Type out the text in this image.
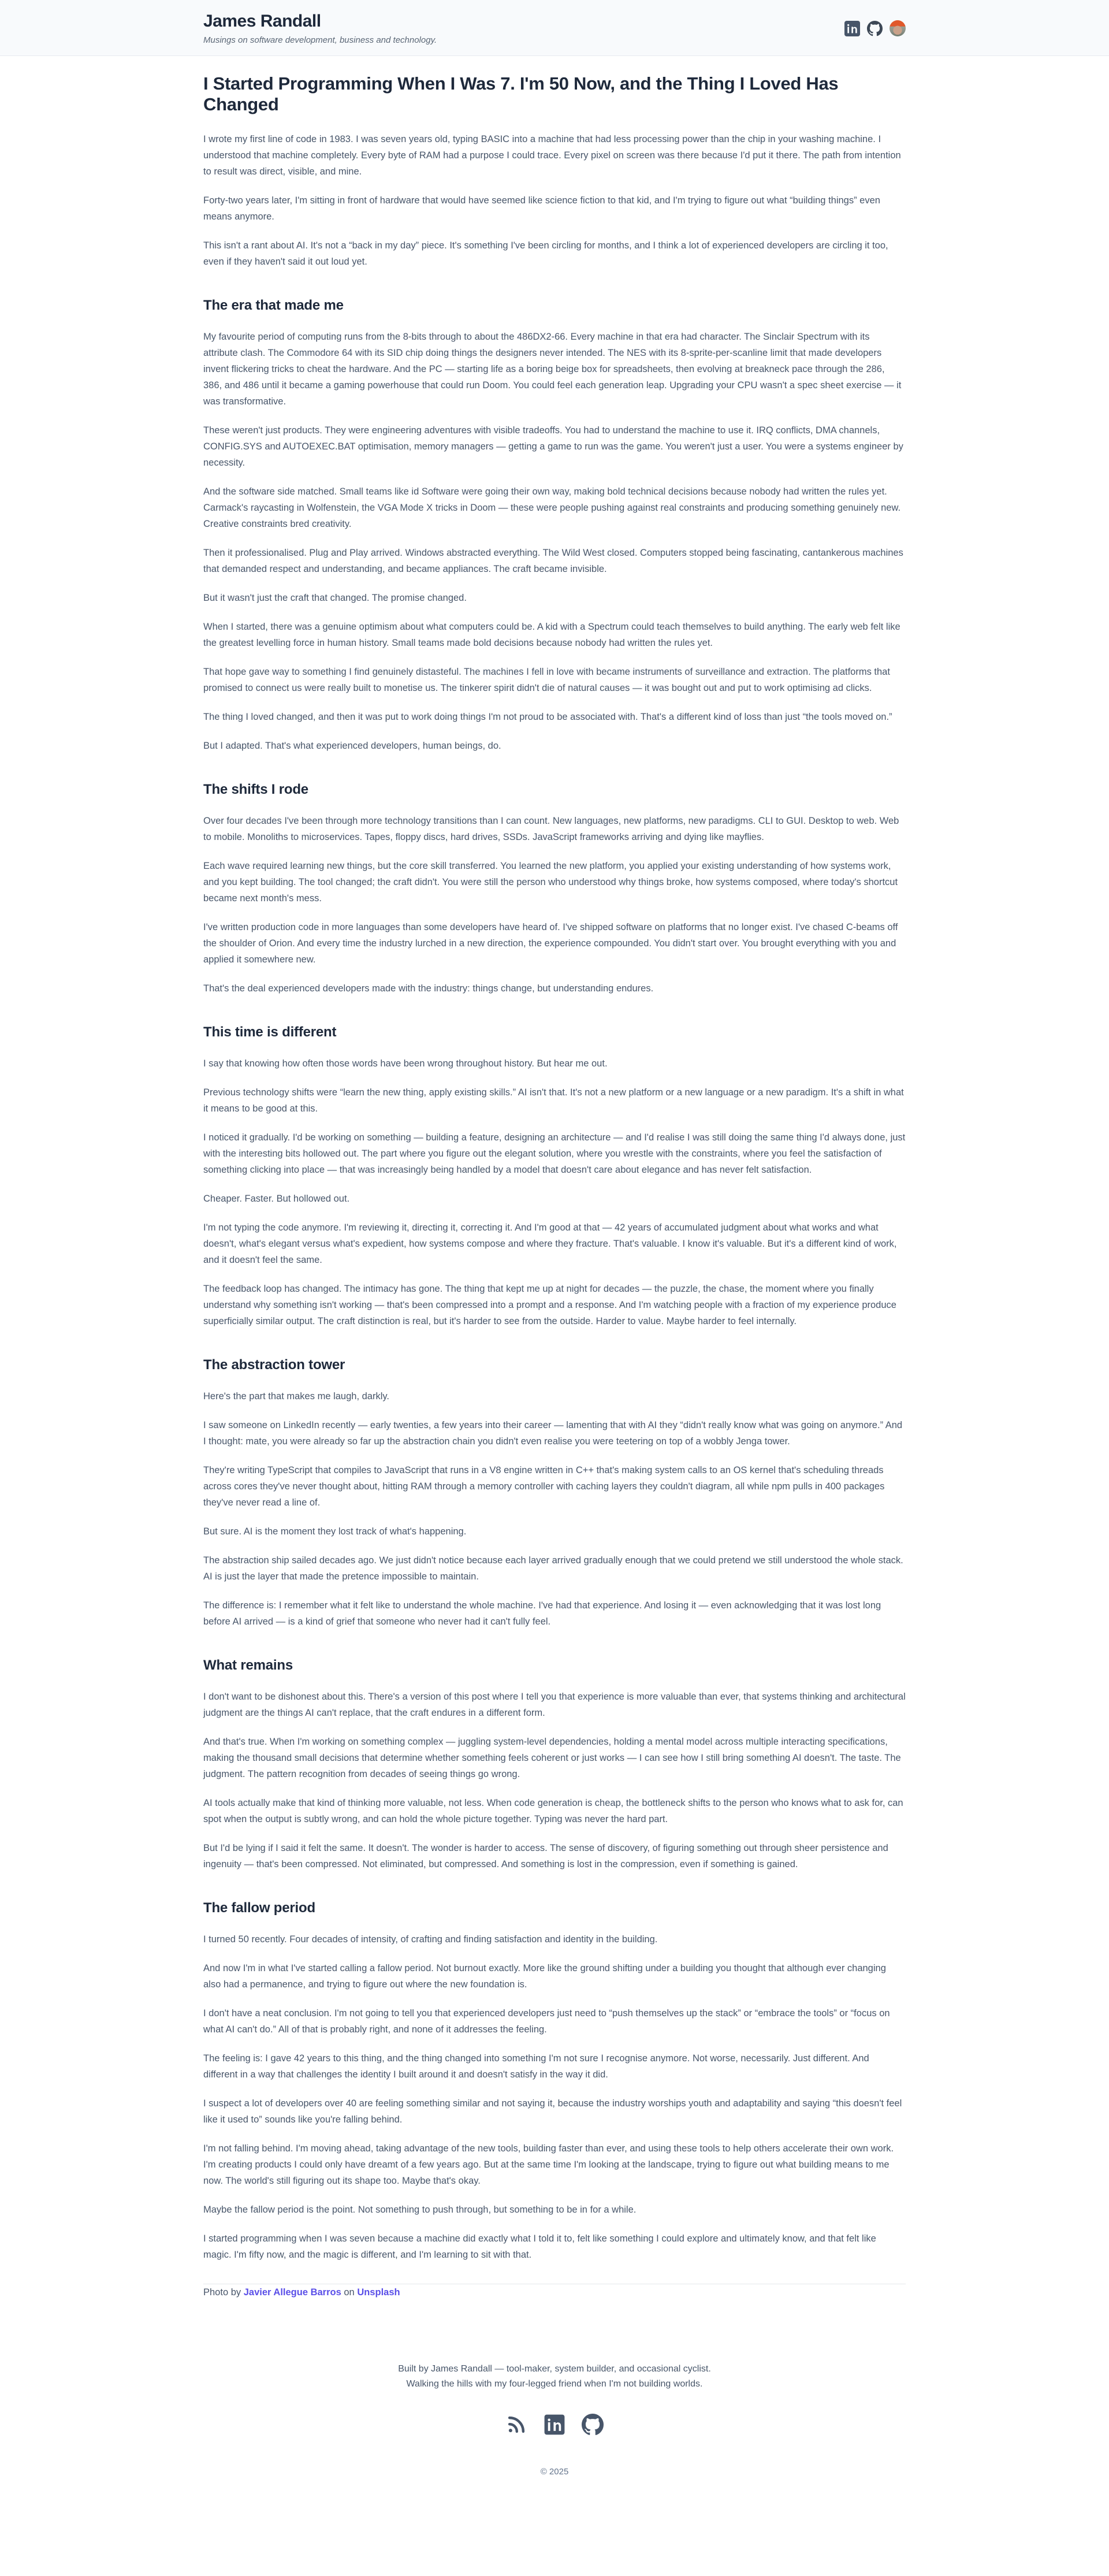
James Randall
Musings on software development, business and technology.
I Started Programming When I Was 7. I'm 50 Now, and the Thing I Loved Has Changed

I wrote my first line of code in 1983. I was seven years old, typing BASIC into a machine that had less processing power than the chip in your washing machine. I understood that machine completely. Every byte of RAM had a purpose I could trace. Every pixel on screen was there because I'd put it there. The path from intention to result was direct, visible, and mine.

Forty-two years later, I'm sitting in front of hardware that would have seemed like science fiction to that kid, and I'm trying to figure out what “building things” even means anymore.

This isn't a rant about AI. It's not a “back in my day” piece. It's something I've been circling for months, and I think a lot of experienced developers are circling it too, even if they haven't said it out loud yet.

The era that made me

My favourite period of computing runs from the 8-bits through to about the 486DX2-66. Every machine in that era had character. The Sinclair Spectrum with its attribute clash. The Commodore 64 with its SID chip doing things the designers never intended. The NES with its 8-sprite-per-scanline limit that made developers invent flickering tricks to cheat the hardware. And the PC — starting life as a boring beige box for spreadsheets, then evolving at breakneck pace through the 286, 386, and 486 until it became a gaming powerhouse that could run Doom. You could feel each generation leap. Upgrading your CPU wasn't a spec sheet exercise — it was transformative.

These weren't just products. They were engineering adventures with visible tradeoffs. You had to understand the machine to use it. IRQ conflicts, DMA channels, CONFIG.SYS and AUTOEXEC.BAT optimisation, memory managers — getting a game to run was the game. You weren't just a user. You were a systems engineer by necessity.

And the software side matched. Small teams like id Software were going their own way, making bold technical decisions because nobody had written the rules yet. Carmack's raycasting in Wolfenstein, the VGA Mode X tricks in Doom — these were people pushing against real constraints and producing something genuinely new. Creative constraints bred creativity.

Then it professionalised. Plug and Play arrived. Windows abstracted everything. The Wild West closed. Computers stopped being fascinating, cantankerous machines that demanded respect and understanding, and became appliances. The craft became invisible.

But it wasn't just the craft that changed. The promise changed.

When I started, there was a genuine optimism about what computers could be. A kid with a Spectrum could teach themselves to build anything. The early web felt like the greatest levelling force in human history. Small teams made bold decisions because nobody had written the rules yet.

That hope gave way to something I find genuinely distasteful. The machines I fell in love with became instruments of surveillance and extraction. The platforms that promised to connect us were really built to monetise us. The tinkerer spirit didn't die of natural causes — it was bought out and put to work optimising ad clicks.

The thing I loved changed, and then it was put to work doing things I'm not proud to be associated with. That's a different kind of loss than just “the tools moved on.”

But I adapted. That's what experienced developers, human beings, do.

The shifts I rode

Over four decades I've been through more technology transitions than I can count. New languages, new platforms, new paradigms. CLI to GUI. Desktop to web. Web to mobile. Monoliths to microservices. Tapes, floppy discs, hard drives, SSDs. JavaScript frameworks arriving and dying like mayflies.

Each wave required learning new things, but the core skill transferred. You learned the new platform, you applied your existing understanding of how systems work, and you kept building. The tool changed; the craft didn't. You were still the person who understood why things broke, how systems composed, where today's shortcut became next month's mess.

I've written production code in more languages than some developers have heard of. I've shipped software on platforms that no longer exist. I've chased C-beams off the shoulder of Orion. And every time the industry lurched in a new direction, the experience compounded. You didn't start over. You brought everything with you and applied it somewhere new.

That's the deal experienced developers made with the industry: things change, but understanding endures.

This time is different

I say that knowing how often those words have been wrong throughout history. But hear me out.

Previous technology shifts were “learn the new thing, apply existing skills.” AI isn't that. It's not a new platform or a new language or a new paradigm. It's a shift in what it means to be good at this.

I noticed it gradually. I'd be working on something — building a feature, designing an architecture — and I'd realise I was still doing the same thing I'd always done, just with the interesting bits hollowed out. The part where you figure out the elegant solution, where you wrestle with the constraints, where you feel the satisfaction of something clicking into place — that was increasingly being handled by a model that doesn't care about elegance and has never felt satisfaction.

Cheaper. Faster. But hollowed out.

I'm not typing the code anymore. I'm reviewing it, directing it, correcting it. And I'm good at that — 42 years of accumulated judgment about what works and what doesn't, what's elegant versus what's expedient, how systems compose and where they fracture. That's valuable. I know it's valuable. But it's a different kind of work, and it doesn't feel the same.

The feedback loop has changed. The intimacy has gone. The thing that kept me up at night for decades — the puzzle, the chase, the moment where you finally understand why something isn't working — that's been compressed into a prompt and a response. And I'm watching people with a fraction of my experience produce superficially similar output. The craft distinction is real, but it's harder to see from the outside. Harder to value. Maybe harder to feel internally.

The abstraction tower

Here's the part that makes me laugh, darkly.

I saw someone on LinkedIn recently — early twenties, a few years into their career — lamenting that with AI they “didn't really know what was going on anymore.” And I thought: mate, you were already so far up the abstraction chain you didn't even realise you were teetering on top of a wobbly Jenga tower.

They're writing TypeScript that compiles to JavaScript that runs in a V8 engine written in C++ that's making system calls to an OS kernel that's scheduling threads across cores they've never thought about, hitting RAM through a memory controller with caching layers they couldn't diagram, all while npm pulls in 400 packages they've never read a line of.

But sure. AI is the moment they lost track of what's happening.

The abstraction ship sailed decades ago. We just didn't notice because each layer arrived gradually enough that we could pretend we still understood the whole stack. AI is just the layer that made the pretence impossible to maintain.

The difference is: I remember what it felt like to understand the whole machine. I've had that experience. And losing it — even acknowledging that it was lost long before AI arrived — is a kind of grief that someone who never had it can't fully feel.

What remains

I don't want to be dishonest about this. There's a version of this post where I tell you that experience is more valuable than ever, that systems thinking and architectural judgment are the things AI can't replace, that the craft endures in a different form.

And that's true. When I'm working on something complex — juggling system-level dependencies, holding a mental model across multiple interacting specifications, making the thousand small decisions that determine whether something feels coherent or just works — I can see how I still bring something AI doesn't. The taste. The judgment. The pattern recognition from decades of seeing things go wrong.

AI tools actually make that kind of thinking more valuable, not less. When code generation is cheap, the bottleneck shifts to the person who knows what to ask for, can spot when the output is subtly wrong, and can hold the whole picture together. Typing was never the hard part.

But I'd be lying if I said it felt the same. It doesn't. The wonder is harder to access. The sense of discovery, of figuring something out through sheer persistence and ingenuity — that's been compressed. Not eliminated, but compressed. And something is lost in the compression, even if something is gained.

The fallow period

I turned 50 recently. Four decades of intensity, of crafting and finding satisfaction and identity in the building.

And now I'm in what I've started calling a fallow period. Not burnout exactly. More like the ground shifting under a building you thought that although ever changing also had a permanence, and trying to figure out where the new foundation is.

I don't have a neat conclusion. I'm not going to tell you that experienced developers just need to “push themselves up the stack” or “embrace the tools” or “focus on what AI can't do.” All of that is probably right, and none of it addresses the feeling.

The feeling is: I gave 42 years to this thing, and the thing changed into something I'm not sure I recognise anymore. Not worse, necessarily. Just different. And different in a way that challenges the identity I built around it and doesn't satisfy in the way it did.

I suspect a lot of developers over 40 are feeling something similar and not saying it, because the industry worships youth and adaptability and saying “this doesn't feel like it used to” sounds like you're falling behind.

I'm not falling behind. I'm moving ahead, taking advantage of the new tools, building faster than ever, and using these tools to help others accelerate their own work. I'm creating products I could only have dreamt of a few years ago. But at the same time I'm looking at the landscape, trying to figure out what building means to me now. The world's still figuring out its shape too. Maybe that's okay.

Maybe the fallow period is the point. Not something to push through, but something to be in for a while.

I started programming when I was seven because a machine did exactly what I told it to, felt like something I could explore and ultimately know, and that felt like magic. I'm fifty now, and the magic is different, and I'm learning to sit with that.

Photo by Javier Allegue Barros on Unsplash

Built by James Randall — tool-maker, system builder, and occasional cyclist.

Walking the hills with my four-legged friend when I'm not building worlds.

© 2025
